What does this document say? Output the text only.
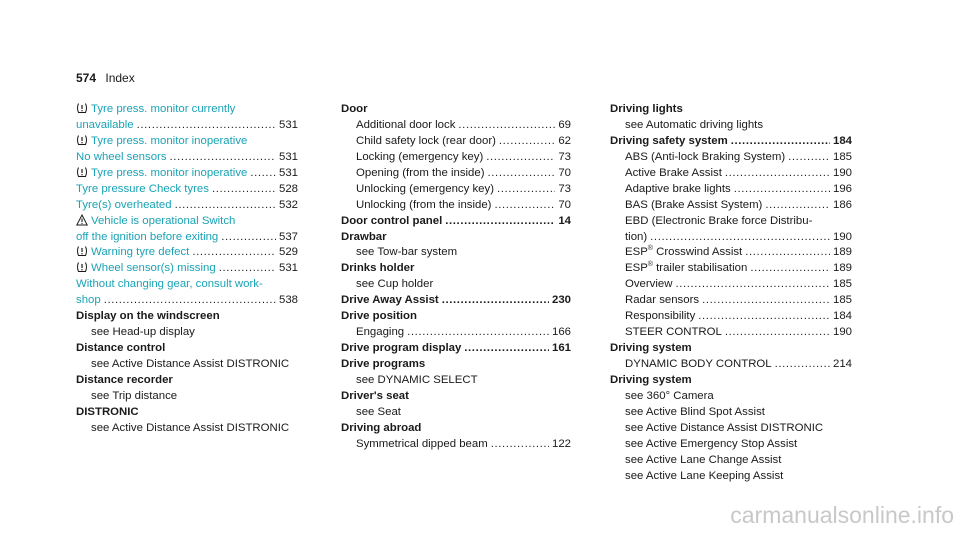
574 Index
Tyre press. monitor currently
unavailable .....	531
Tyre press. monitor inoperative
No wheel sensors .....	531
Tyre press. monitor inoperative .....	531
Tyre pressure Check tyres .....	528
Tyre(s) overheated .....	532
Vehicle is operational Switch
off the ignition before exiting .....	537
Warning tyre defect .....	529
Wheel sensor(s) missing .....	531
Without changing gear, consult work-
shop .....	538
Display on the windscreen
see Head-up display
Distance control
see Active Distance Assist DISTRONIC
Distance recorder
see Trip distance
DISTRONIC
see Active Distance Assist DISTRONIC
Door
Additional door lock .....	69
Child safety lock (rear door) .....	62
Locking (emergency key) .....	73
Opening (from the inside) .....	70
Unlocking (emergency key) .....	73
Unlocking (from the inside) .....	70
Door control panel .....	14
Drawbar
see Tow-bar system
Drinks holder
see Cup holder
Drive Away Assist .....	230
Drive position
Engaging .....	166
Drive program display .....	161
Drive programs
see DYNAMIC SELECT
Driver's seat
see Seat
Driving abroad
Symmetrical dipped beam .....	122
Driving lights
see Automatic driving lights
Driving safety system .....	184
ABS (Anti-lock Braking System) .....	185
Active Brake Assist .....	190
Adaptive brake lights .....	196
BAS (Brake Assist System) .....	186
EBD (Electronic Brake force Distribu-
tion) .....	190
ESP® Crosswind Assist .....	189
ESP® trailer stabilisation .....	189
Overview .....	185
Radar sensors .....	185
Responsibility .....	184
STEER CONTROL .....	190
Driving system
DYNAMIC BODY CONTROL .....	214
Driving system
see 360° Camera
see Active Blind Spot Assist
see Active Distance Assist DISTRONIC
see Active Emergency Stop Assist
see Active Lane Change Assist
see Active Lane Keeping Assist
carmanualsonline.info
